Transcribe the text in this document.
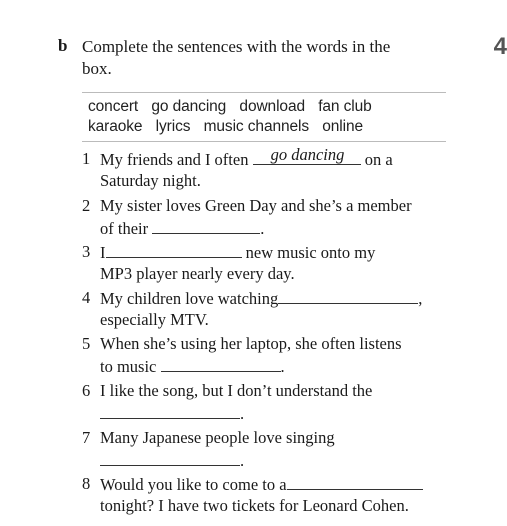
b Complete the sentences with the words in the box.
4
concert go dancing download fan club
karaoke lyrics music channels online
1 My friends and I often go dancing on a
Saturday night.
2 My sister loves Green Day and she’s a member
of their	.
3 I	new music onto my
MP3 player nearly every day.
4 My children love watching	,
especially MTV.
5 When she’s using her laptop, she often listens
to music	.
6 I like the song, but I don’t understand the
.
7 Many Japanese people love singing
.
8 Would you like to come to a
tonight? I have two tickets for Leonard Cohen.
